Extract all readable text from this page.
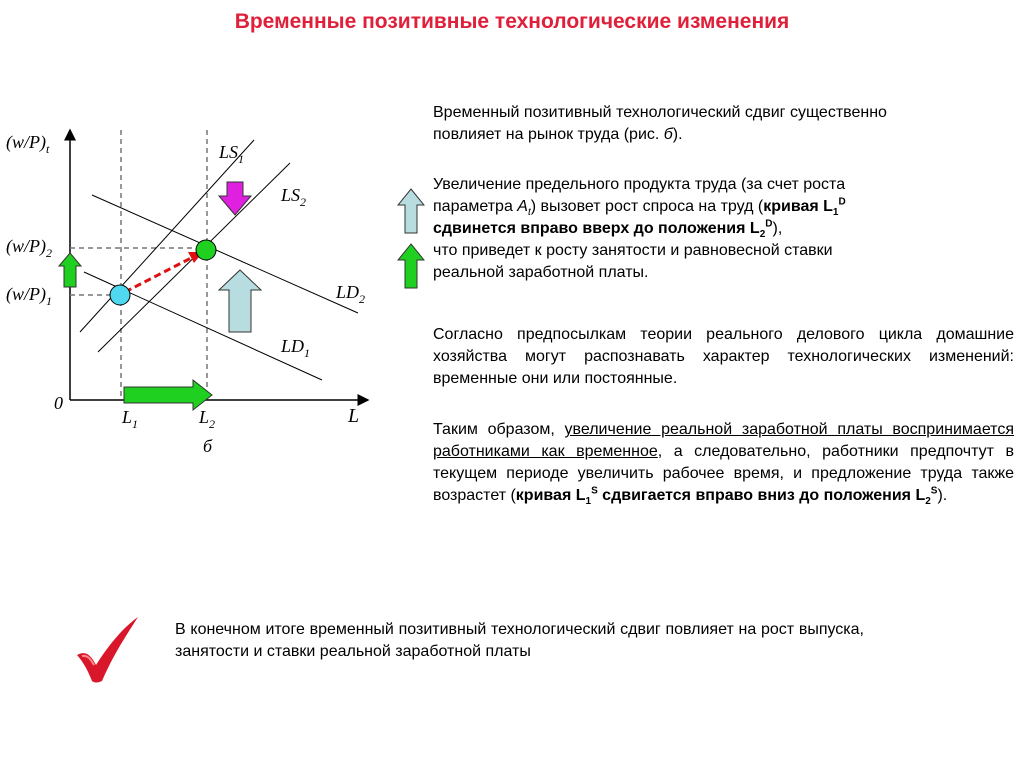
Временные позитивные технологические изменения
$(w/P)_t$
$(w/P)_2$
$(w/P)_1$
0
L
$L_1$	$L_2$
б
$LS_1$
$LS_2$
$LD_2$
$LD_1$
Временный позитивный технологический сдвиг существенно
повлияет на рынок труда (рис. б).
Увеличение предельного продукта труда (за счет роста
параметра $A_t$) вызовет рост спроса на труд (кривая $L_1^D$
сдвинется вправо вверх до положения $L_2^D$),
что приведет к росту занятости и равновесной ставки
реальной заработной платы.
Согласно предпосылкам теории реального делового цикла домашние хозяйства могут распознавать характер технологических изменений: временные они или постоянные.
Таким образом, увеличение реальной заработной платы воспринимается работниками как временное, а следовательно, работники предпочтут в текущем периоде увеличить рабочее время, и предложение труда также возрастет (кривая $L_1^S$ сдвигается вправо вниз до положения $L_2^S$).
В конечном итоге временный позитивный технологический сдвиг повлияет на рост выпуска, занятости и ставки реальной заработной платы
